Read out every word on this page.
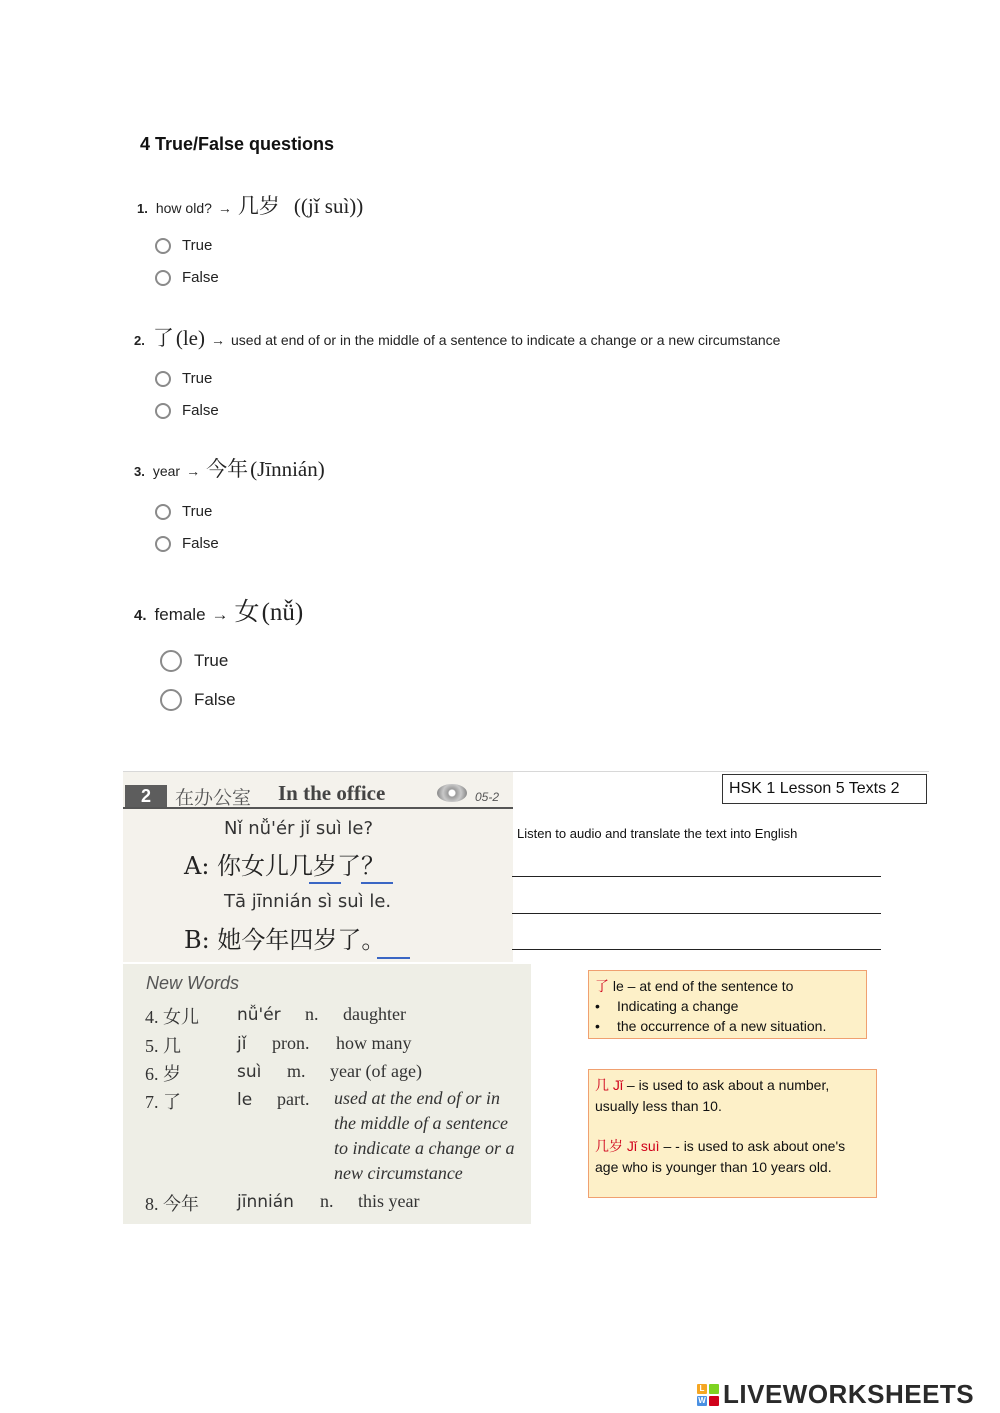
4 True/False questions
1. how old? → 几岁 ((jǐ suì))
True
False
2. 了 (le) → used at end of or in the middle of a sentence to indicate a change or a new circumstance
True
False
3. year → 今年 (Jīnnián)
True
False
4. female → 女 (nǚ)
True
False
2	在办公室 In the office	05-2
Nǐ nǚ'ér jǐ suì le?
A: 你女儿几岁了？
Tā jīnnián sì suì le.
B: 她今年四岁了。
New Words
4. 女儿 nǚ'ér n. daughter
5. 几	jǐ pron. how many
6. 岁	suì m. year (of age)
7. 了	le part. used at the end of or in the middle of a sentence to indicate a change or a new circumstance
8. 今年 jīnnián n. this year
HSK 1 Lesson 5 Texts 2
Listen to audio and translate the text into English
了 le – at end of the sentence to
•	Indicating a change
•	the occurrence of a new situation.
几 Jǐ – is used to ask about a number, usually less than 10.
几岁 Jǐ suì – - is used to ask about one's age who is younger than 10 years old.
L
W LIVEWORKSHEETS
